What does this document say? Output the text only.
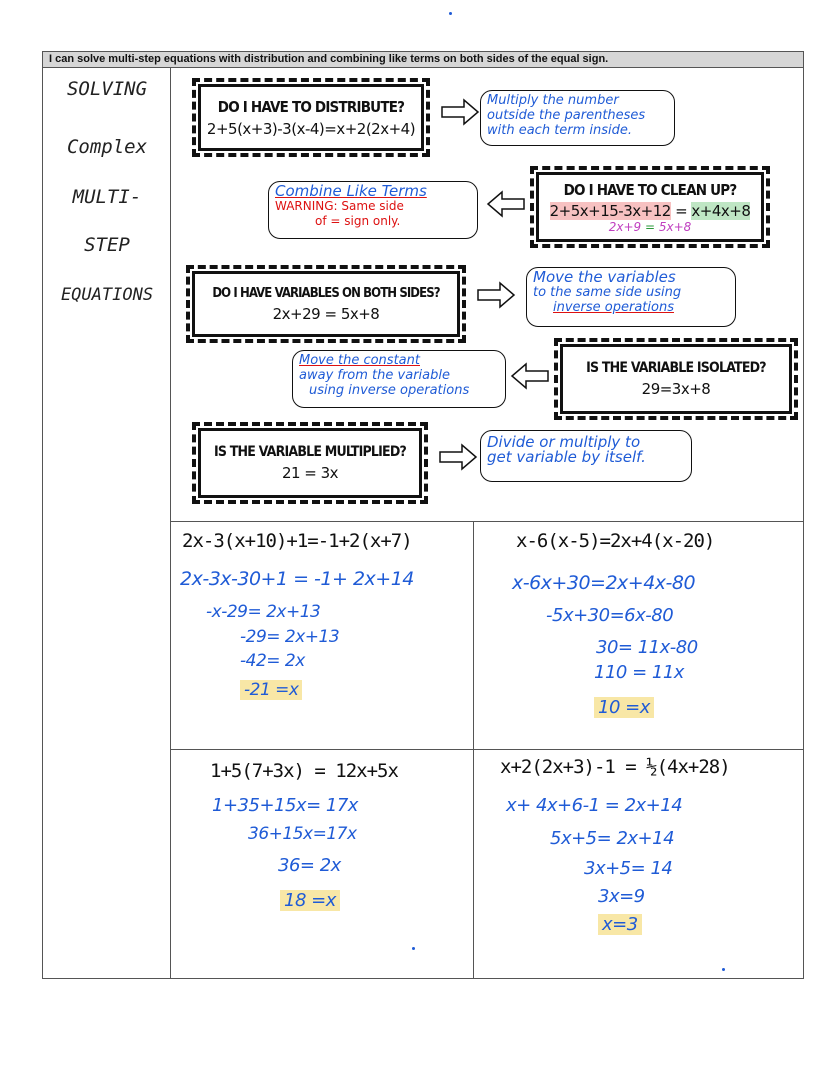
I can solve multi-step equations with distribution and combining like terms on both sides of the equal sign.
SOLVING
Complex
MULTI-
STEP
EQUATIONS
DO I HAVE TO DISTRIBUTE?
2+5(x+3)-3(x-4)=x+2(2x+4)
Multiply the number
outside the parentheses
with each term inside.
Combine Like Terms
WARNING: Same side
of = sign only.
DO I HAVE TO CLEAN UP?
2+5x+15-3x+12 = x+4x+8
2x+9 = 5x+8
DO I HAVE VARIABLES ON BOTH SIDES?
2x+29 = 5x+8
Move the variables
to the same side using
inverse operations
Move the constant
away from the variable
using inverse operations
IS THE VARIABLE ISOLATED?
29=3x+8
IS THE VARIABLE MULTIPLIED?
21 = 3x
Divide or multiply to
get variable by itself.
2x-3(x+10)+1=-1+2(x+7)
2x-3x-30+1 = -1+ 2x+14
-x-29= 2x+13
-29= 2x+13
-42= 2x
-21 =x
x-6(x-5)=2x+4(x-20)
x-6x+30=2x+4x-80
-5x+30=6x-80
30= 11x-80
110 = 11x
10 =x
1+5(7+3x) = 12x+5x
1+35+15x= 17x
36+15x=17x
36= 2x
18 =x
x+2(2x+3)-1 = ½(4x+28)
x+ 4x+6-1 = 2x+14
5x+5= 2x+14
3x+5= 14
3x=9
x=3
